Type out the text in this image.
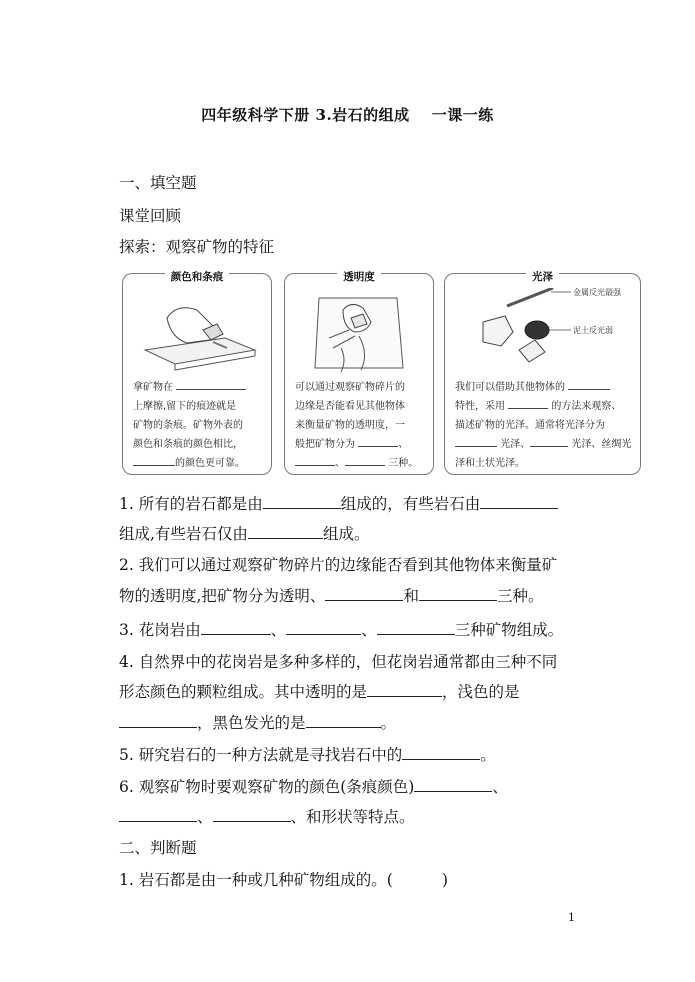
四年级科学下册 3.岩石的组成 一课一练
一、填空题
课堂回顾
探索：观察矿物的特征
颜色和条痕
拿矿物在
上摩擦,留下的痕迹就是
矿物的条痕。矿物外表的
颜色和条痕的颜色相比，
的颜色更可靠。
透明度
可以通过观察矿物碎片的
边缘是否能看见其他物体
来衡量矿物的透明度，一
般把矿物分为	、
、	三种。
光泽
金属反光最强
泥土反光弱
我们可以借助其他物体的
特性，采用	的方法来观察、
描述矿物的光泽。通常将光泽分为
光泽、	光泽、丝绸光
泽和土状光泽。
1. 所有的岩石都是由	组成的，有些岩石由
组成,有些岩石仅由	组成。
2. 我们可以通过观察矿物碎片的边缘能否看到其他物体来衡量矿
物的透明度,把矿物分为透明、	和	三种。
3. 花岗岩由	、	、	三种矿物组成。
4. 自然界中的花岗岩是多种多样的，但花岗岩通常都由三种不同
形态颜色的颗粒组成。其中透明的是	，浅色的是
，黑色发光的是	。
5. 研究岩石的一种方法就是寻找岩石中的	。
6. 观察矿物时要观察矿物的颜色(条痕颜色)	、
、	、和形状等特点。
二、判断题
1. 岩石都是由一种或几种矿物组成的。(          )
1
